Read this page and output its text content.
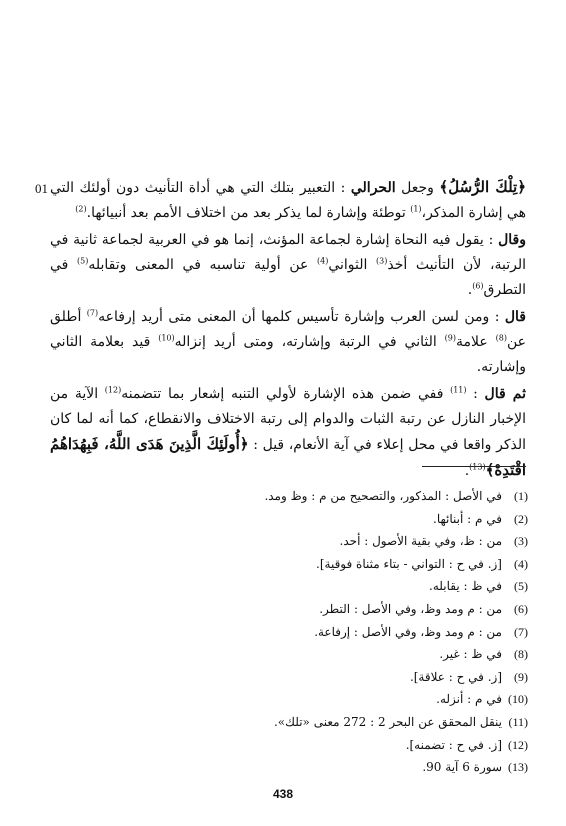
01	﴿تِلْكَ الرُّسُلُ﴾ وجعل الحرالي : التعبير بتلك التي هي أداة التأنيث دون أولئك التي هي إشارة المذكر،$^{(1)}$ توطئة وإشارة لما يذكر بعد من اختلاف الأمم بعد أنبيائها.$^{(2)}$

وقال : يقول فيه النحاة إشارة لجماعة المؤنث، إنما هو في العربية لجماعة ثانية في الرتبة، لأن التأنيث أخذ$^{(3)}$ الثواني$^{(4)}$ عن أولية تناسبه في المعنى وتقابله$^{(5)}$ في التطرق$^{(6)}$.

قال : ومن لسن العرب وإشارة تأسيس كلمها أن المعنى متى أريد إرفاعه$^{(7)}$ أطلق عن$^{(8)}$ علامة$^{(9)}$ الثاني في الرتبة وإشارته، ومتى أريد إنزاله$^{(10)}$ قيد بعلامة الثاني وإشارته.

ثم قال : $^{(11)}$ ففي ضمن هذه الإشارة لأولي التنبه إشعار بما تتضمنه$^{(12)}$ الآية من الإخبار النازل عن رتبة الثبات والدوام إلى رتبة الاختلاف والانقطاع، كما أنه لما كان الذكر واقعا في محل إعلاء في آية الأنعام، قيل : ﴿أُولَئِكَ الَّذِينَ هَدَى اللَّهُ، فَبِهُدَاهُمُ اقْتَدِهْ﴾$^{(13)}$.

(1)في الأصل : المذكور، والتصحيح من م : وظ ومد.
(2)في م : أبنائها.
(3)من : ظ، وفي بقية الأصول : أحد.
(4)[ز. في ح : التواني - بتاء مثناة فوقية].
(5)في ظ : يقابله.
(6)من : م ومد وظ، وفي الأصل : التطر.
(7)من : م ومد وظ، وفي الأصل : إرفاعة.
(8)في ظ : غير.
(9)[ز. في ح : علاقة].
(10)في م : أنزله.
(11)ينقل المحقق عن البحر 2 : 272 معنى «تلك».
(12)[ز. في ح : تضمنه].
(13)سورة 6 آية 90.
438
